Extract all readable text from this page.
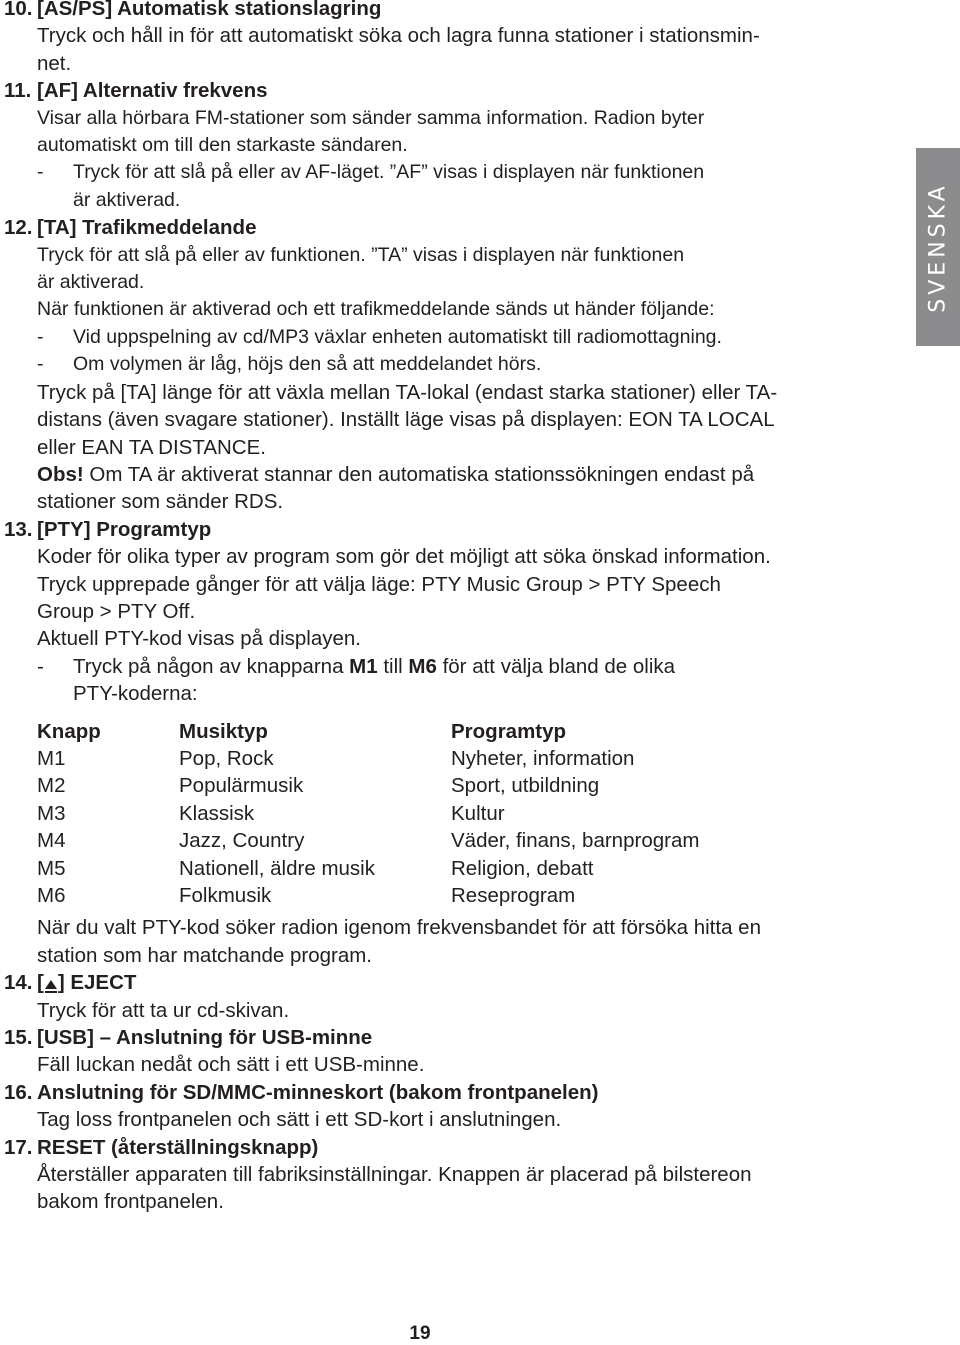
10. [AS/PS] Automatisk stationslagring
Tryck och håll in för att automatiskt söka och lagra funna stationer i stationsmin-
net.
11. [AF] Alternativ frekvens
Visar alla hörbara FM-stationer som sänder samma information. Radion byter
automatiskt om till den starkaste sändaren.
- Tryck för att slå på eller av AF-läget. ”AF” visas i displayen när funktionen
är aktiverad.
12. [TA] Trafikmeddelande
Tryck för att slå på eller av funktionen. ”TA” visas i displayen när funktionen
är aktiverad.
När funktionen är aktiverad och ett trafikmeddelande sänds ut händer följande:
- Vid uppspelning av cd/MP3 växlar enheten automatiskt till radiomottagning.
- Om volymen är låg, höjs den så att meddelandet hörs.
Tryck på [TA] länge för att växla mellan TA-lokal (endast starka stationer) eller TA-
distans (även svagare stationer). Inställt läge visas på displayen: EON TA LOCAL
eller EAN TA DISTANCE.
Obs! Om TA är aktiverat stannar den automatiska stationssökningen endast på
stationer som sänder RDS.
13. [PTY] Programtyp
Koder för olika typer av program som gör det möjligt att söka önskad information.
Tryck upprepade gånger för att välja läge: PTY Music Group > PTY Speech
Group > PTY Off.
Aktuell PTY-kod visas på displayen.
- Tryck på någon av knapparna M1 till M6 för att välja bland de olika
PTY-koderna:
Knapp	Musiktyp	Programtyp
M1	Pop, Rock	Nyheter, information
M2	Populärmusik	Sport, utbildning
M3	Klassisk	Kultur
M4	Jazz, Country	Väder, finans, barnprogram
M5	Nationell, äldre musik	Religion, debatt
M6	Folkmusik	Reseprogram
När du valt PTY-kod söker radion igenom frekvensbandet för att försöka hitta en
station som har matchande program.
14. [ ] EJECT
Tryck för att ta ur cd-skivan.
15. [USB] – Anslutning för USB-minne
Fäll luckan nedåt och sätt i ett USB-minne.
16. Anslutning för SD/MMC-minneskort (bakom frontpanelen)
Tag loss frontpanelen och sätt i ett SD-kort i anslutningen.
17. RESET (återställningsknapp)
Återställer apparaten till fabriksinställningar. Knappen är placerad på bilstereon
bakom frontpanelen.
SVENSKA
19
